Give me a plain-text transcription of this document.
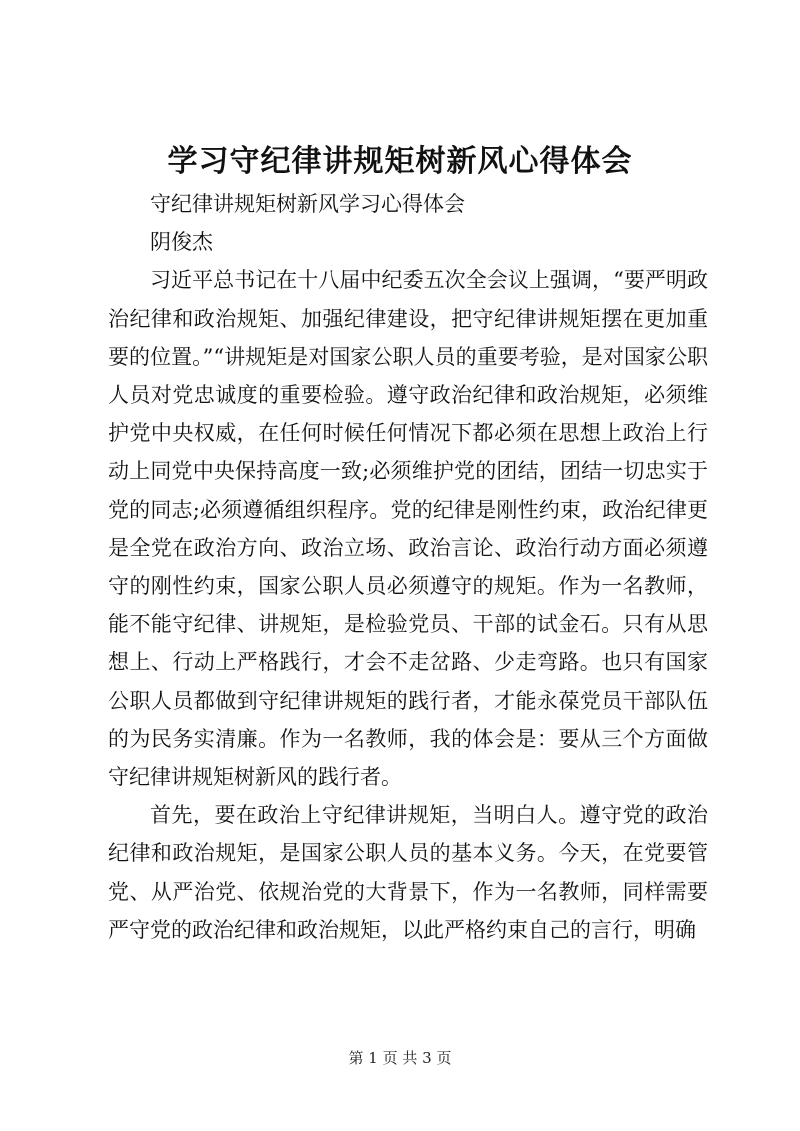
学习守纪律讲规矩树新风心得体会

守纪律讲规矩树新风学习心得体会

阴俊杰

习近平总书记在十八届中纪委五次全会议上强调，“要严明政治纪律和政治规矩、加强纪律建设，把守纪律讲规矩摆在更加重要的位置。”“讲规矩是对国家公职人员的重要考验，是对国家公职人员对党忠诚度的重要检验。遵守政治纪律和政治规矩，必须维护党中央权威，在任何时候任何情况下都必须在思想上政治上行动上同党中央保持高度一致;必须维护党的团结，团结一切忠实于党的同志;必须遵循组织程序。党的纪律是刚性约束，政治纪律更是全党在政治方向、政治立场、政治言论、政治行动方面必须遵守的刚性约束，国家公职人员必须遵守的规矩。作为一名教师，能不能守纪律、讲规矩，是检验党员、干部的试金石。只有从思想上、行动上严格践行，才会不走岔路、少走弯路。也只有国家公职人员都做到守纪律讲规矩的践行者，才能永葆党员干部队伍的为民务实清廉。作为一名教师，我的体会是：要从三个方面做守纪律讲规矩树新风的践行者。

首先，要在政治上守纪律讲规矩，当明白人。遵守党的政治纪律和政治规矩，是国家公职人员的基本义务。今天，在党要管党、从严治党、依规治党的大背景下，作为一名教师，同样需要严守党的政治纪律和政治规矩，以此严格约束自己的言行，明确

第 1 页 共 3 页
